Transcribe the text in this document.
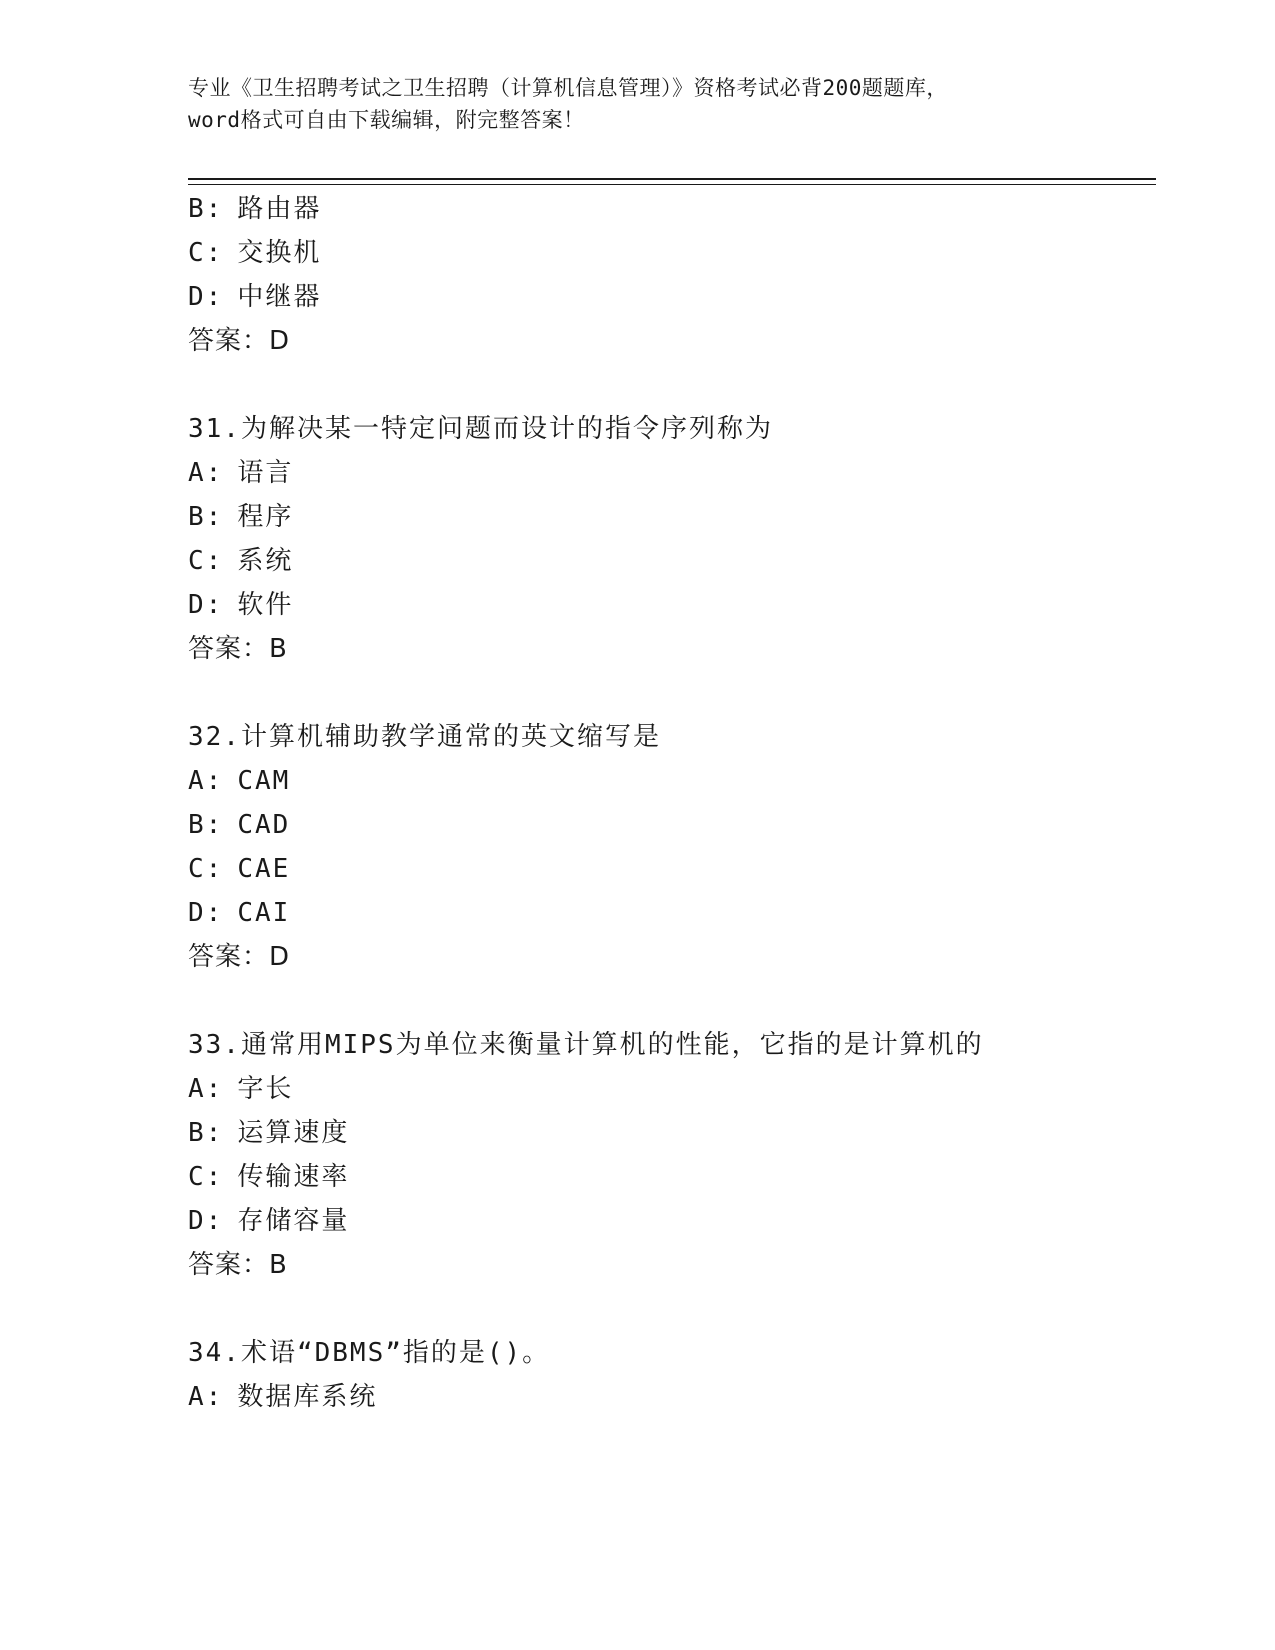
专业《卫生招聘考试之卫生招聘（计算机信息管理）》资格考试必背200题题库，
word格式可自由下载编辑，附完整答案！
B: 路由器
C: 交换机
D: 中继器
答案：D
31.为解决某一特定问题而设计的指令序列称为
A: 语言
B: 程序
C: 系统
D: 软件
答案：B
32.计算机辅助教学通常的英文缩写是
A: CAM
B: CAD
C: CAE
D: CAI
答案：D
33.通常用MIPS为单位来衡量计算机的性能，它指的是计算机的
A: 字长
B: 运算速度
C: 传输速率
D: 存储容量
答案：B
34.术语“DBMS”指的是()。
A: 数据库系统
